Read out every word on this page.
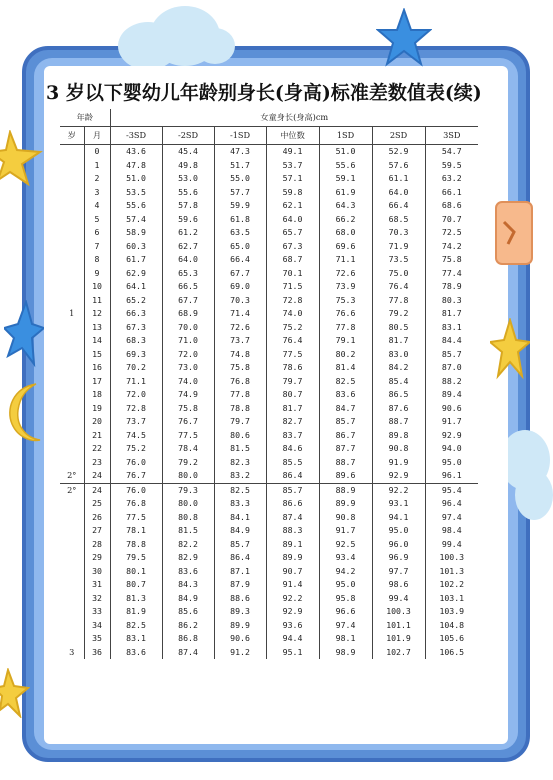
3 岁以下婴幼儿年龄别身长(身高)标准差数值表(续)
年龄		女童身长(身高)cm						
岁	月	-3SD	-2SD	-1SD	中位数	1SD	2SD	3SD
	0	43.6	45.4	47.3	49.1	51.0	52.9	54.7
	1	47.8	49.8	51.7	53.7	55.6	57.6	59.5
	2	51.0	53.0	55.0	57.1	59.1	61.1	63.2
	3	53.5	55.6	57.7	59.8	61.9	64.0	66.1
	4	55.6	57.8	59.9	62.1	64.3	66.4	68.6
	5	57.4	59.6	61.8	64.0	66.2	68.5	70.7
	6	58.9	61.2	63.5	65.7	68.0	70.3	72.5
	7	60.3	62.7	65.0	67.3	69.6	71.9	74.2
	8	61.7	64.0	66.4	68.7	71.1	73.5	75.8
	9	62.9	65.3	67.7	70.1	72.6	75.0	77.4
	10	64.1	66.5	69.0	71.5	73.9	76.4	78.9
	11	65.2	67.7	70.3	72.8	75.3	77.8	80.3
1	12	66.3	68.9	71.4	74.0	76.6	79.2	81.7
	13	67.3	70.0	72.6	75.2	77.8	80.5	83.1
	14	68.3	71.0	73.7	76.4	79.1	81.7	84.4
	15	69.3	72.0	74.8	77.5	80.2	83.0	85.7
	16	70.2	73.0	75.8	78.6	81.4	84.2	87.0
	17	71.1	74.0	76.8	79.7	82.5	85.4	88.2
	18	72.0	74.9	77.8	80.7	83.6	86.5	89.4
	19	72.8	75.8	78.8	81.7	84.7	87.6	90.6
	20	73.7	76.7	79.7	82.7	85.7	88.7	91.7
	21	74.5	77.5	80.6	83.7	86.7	89.8	92.9
	22	75.2	78.4	81.5	84.6	87.7	90.8	94.0
	23	76.0	79.2	82.3	85.5	88.7	91.9	95.0
2°	24	76.7	80.0	83.2	86.4	89.6	92.9	96.1
2°	24	76.0	79.3	82.5	85.7	88.9	92.2	95.4
	25	76.8	80.0	83.3	86.6	89.9	93.1	96.4
	26	77.5	80.8	84.1	87.4	90.8	94.1	97.4
	27	78.1	81.5	84.9	88.3	91.7	95.0	98.4
	28	78.8	82.2	85.7	89.1	92.5	96.0	99.4
	29	79.5	82.9	86.4	89.9	93.4	96.9	100.3
	30	80.1	83.6	87.1	90.7	94.2	97.7	101.3
	31	80.7	84.3	87.9	91.4	95.0	98.6	102.2
	32	81.3	84.9	88.6	92.2	95.8	99.4	103.1
	33	81.9	85.6	89.3	92.9	96.6	100.3	103.9
	34	82.5	86.2	89.9	93.6	97.4	101.1	104.8
	35	83.1	86.8	90.6	94.4	98.1	101.9	105.6
3	36	83.6	87.4	91.2	95.1	98.9	102.7	106.5
